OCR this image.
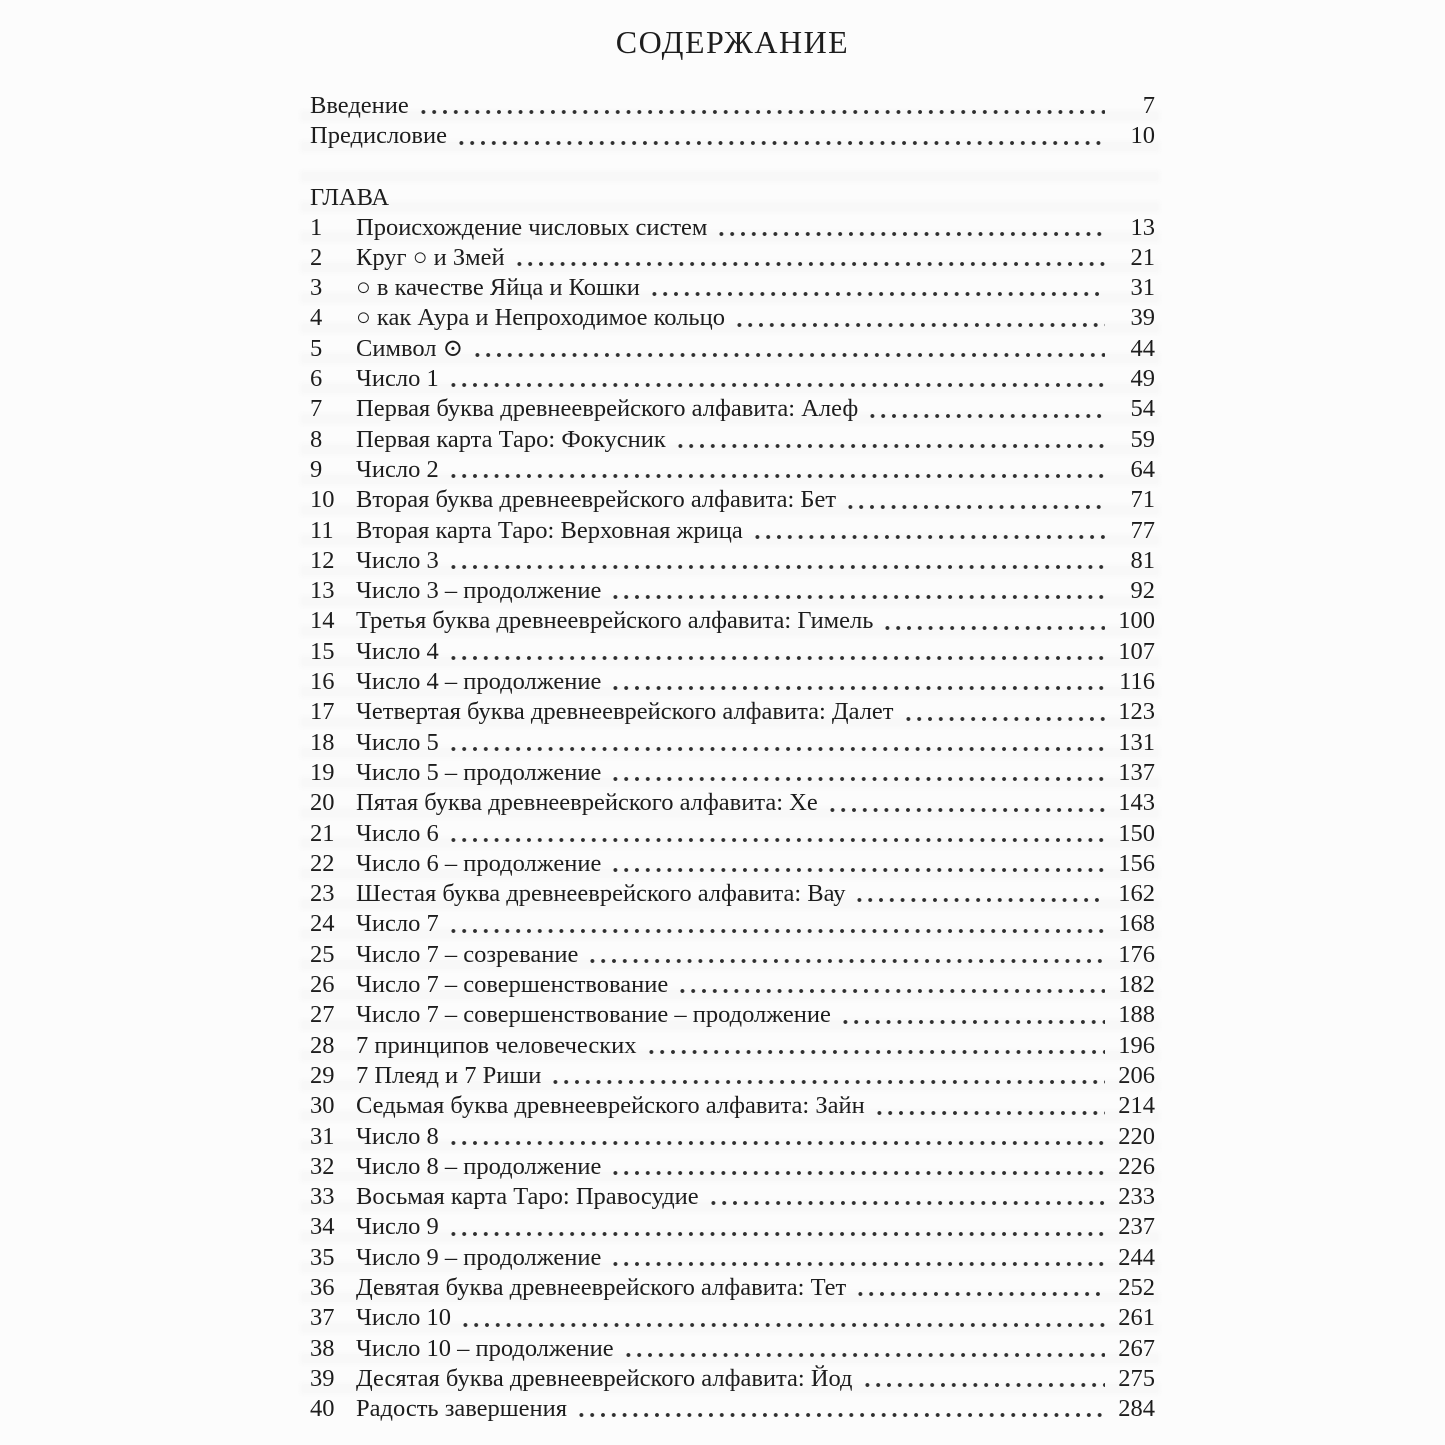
СОДЕРЖАНИЕ
Введение	7
Предисловие	10
ГЛАВА
1	Происхождение числовых систем	13
2	Круг ○ и Змей	21
3	○ в качестве Яйца и Кошки	31
4	○ как Аура и Непроходимое кольцо	39
5	Символ ⊙	44
6	Число 1	49
7	Первая буква древнееврейского алфавита: Алеф	54
8	Первая карта Таро: Фокусник	59
9	Число 2	64
10 Вторая буква древнееврейского алфавита: Бет	71
11 Вторая карта Таро: Верховная жрица	77
12 Число 3	81
13 Число 3 – продолжение	92
14 Третья буква древнееврейского алфавита: Гимель	100
15 Число 4	107
16 Число 4 – продолжение	116
17 Четвертая буква древнееврейского алфавита: Далет	123
18 Число 5	131
19 Число 5 – продолжение	137
20 Пятая буква древнееврейского алфавита: Хе	143
21 Число 6	150
22 Число 6 – продолжение	156
23 Шестая буква древнееврейского алфавита: Вау	162
24 Число 7	168
25 Число 7 – созревание	176
26 Число 7 – совершенствование	182
27 Число 7 – совершенствование – продолжение	188
28 7 принципов человеческих	196
29 7 Плеяд и 7 Риши	206
30 Седьмая буква древнееврейского алфавита: Зайн	214
31 Число 8	220
32 Число 8 – продолжение	226
33 Восьмая карта Таро: Правосудие	233
34 Число 9	237
35 Число 9 – продолжение	244
36 Девятая буква древнееврейского алфавита: Тет	252
37 Число 10	261
38 Число 10 – продолжение	267
39 Десятая буква древнееврейского алфавита: Йод	275
40 Радость завершения	284
